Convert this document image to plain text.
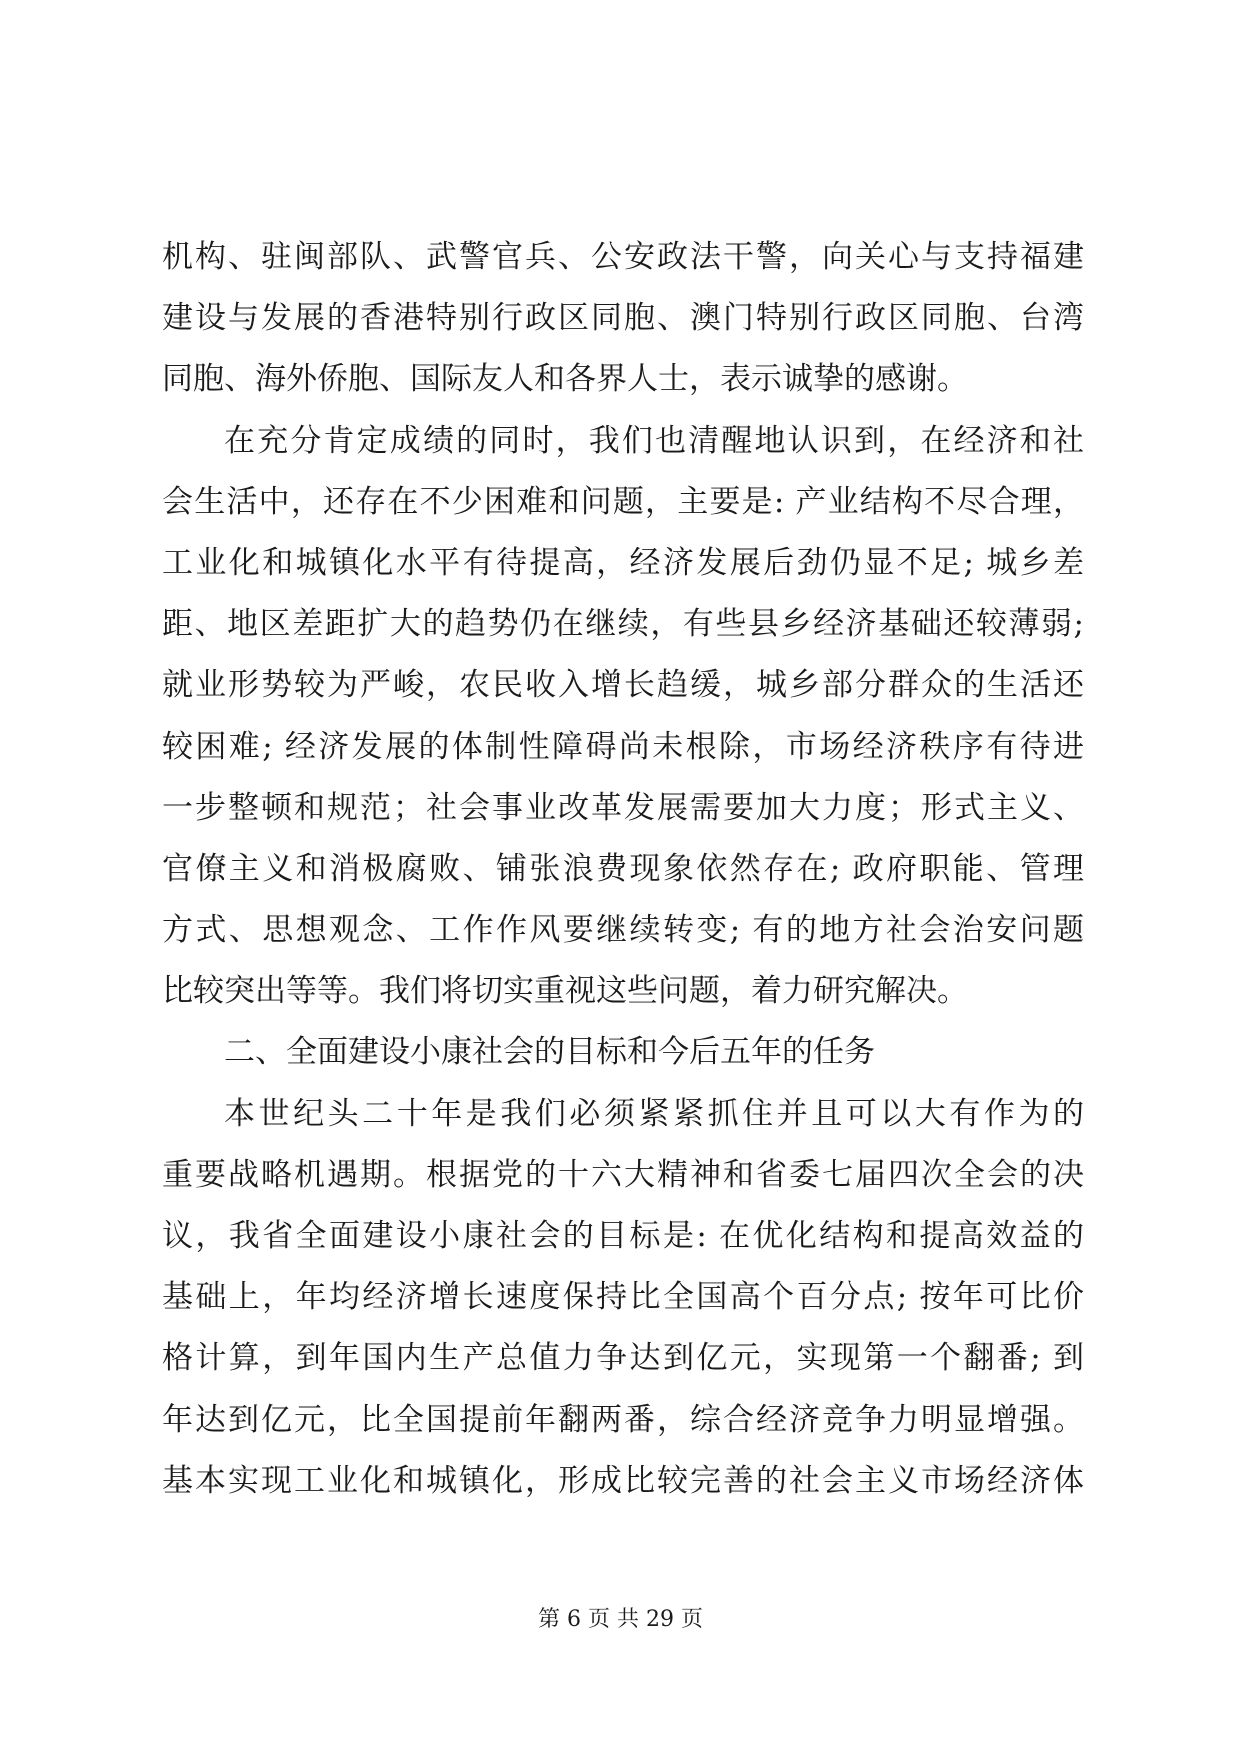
机构、驻闽部队、武警官兵、公安政法干警，向关心与支持福建
建设与发展的香港特别行政区同胞、澳门特别行政区同胞、台湾
同胞、海外侨胞、国际友人和各界人士，表示诚挚的感谢。
在充分肯定成绩的同时，我们也清醒地认识到，在经济和社
会生活中，还存在不少困难和问题，主要是: 产业结构不尽合理，
工业化和城镇化水平有待提高，经济发展后劲仍显不足; 城乡差
距、地区差距扩大的趋势仍在继续，有些县乡经济基础还较薄弱;
就业形势较为严峻，农民收入增长趋缓，城乡部分群众的生活还
较困难; 经济发展的体制性障碍尚未根除，市场经济秩序有待进
一步整顿和规范；社会事业改革发展需要加大力度；形式主义、
官僚主义和消极腐败、铺张浪费现象依然存在; 政府职能、管理
方式、思想观念、工作作风要继续转变; 有的地方社会治安问题
比较突出等等。我们将切实重视这些问题，着力研究解决。
二、全面建设小康社会的目标和今后五年的任务
本世纪头二十年是我们必须紧紧抓住并且可以大有作为的
重要战略机遇期。根据党的十六大精神和省委七届四次全会的决
议，我省全面建设小康社会的目标是: 在优化结构和提高效益的
基础上，年均经济增长速度保持比全国高个百分点; 按年可比价
格计算，到年国内生产总值力争达到亿元，实现第一个翻番; 到
年达到亿元，比全国提前年翻两番，综合经济竞争力明显增强。
基本实现工业化和城镇化，形成比较完善的社会主义市场经济体
第 6 页 共 29 页
